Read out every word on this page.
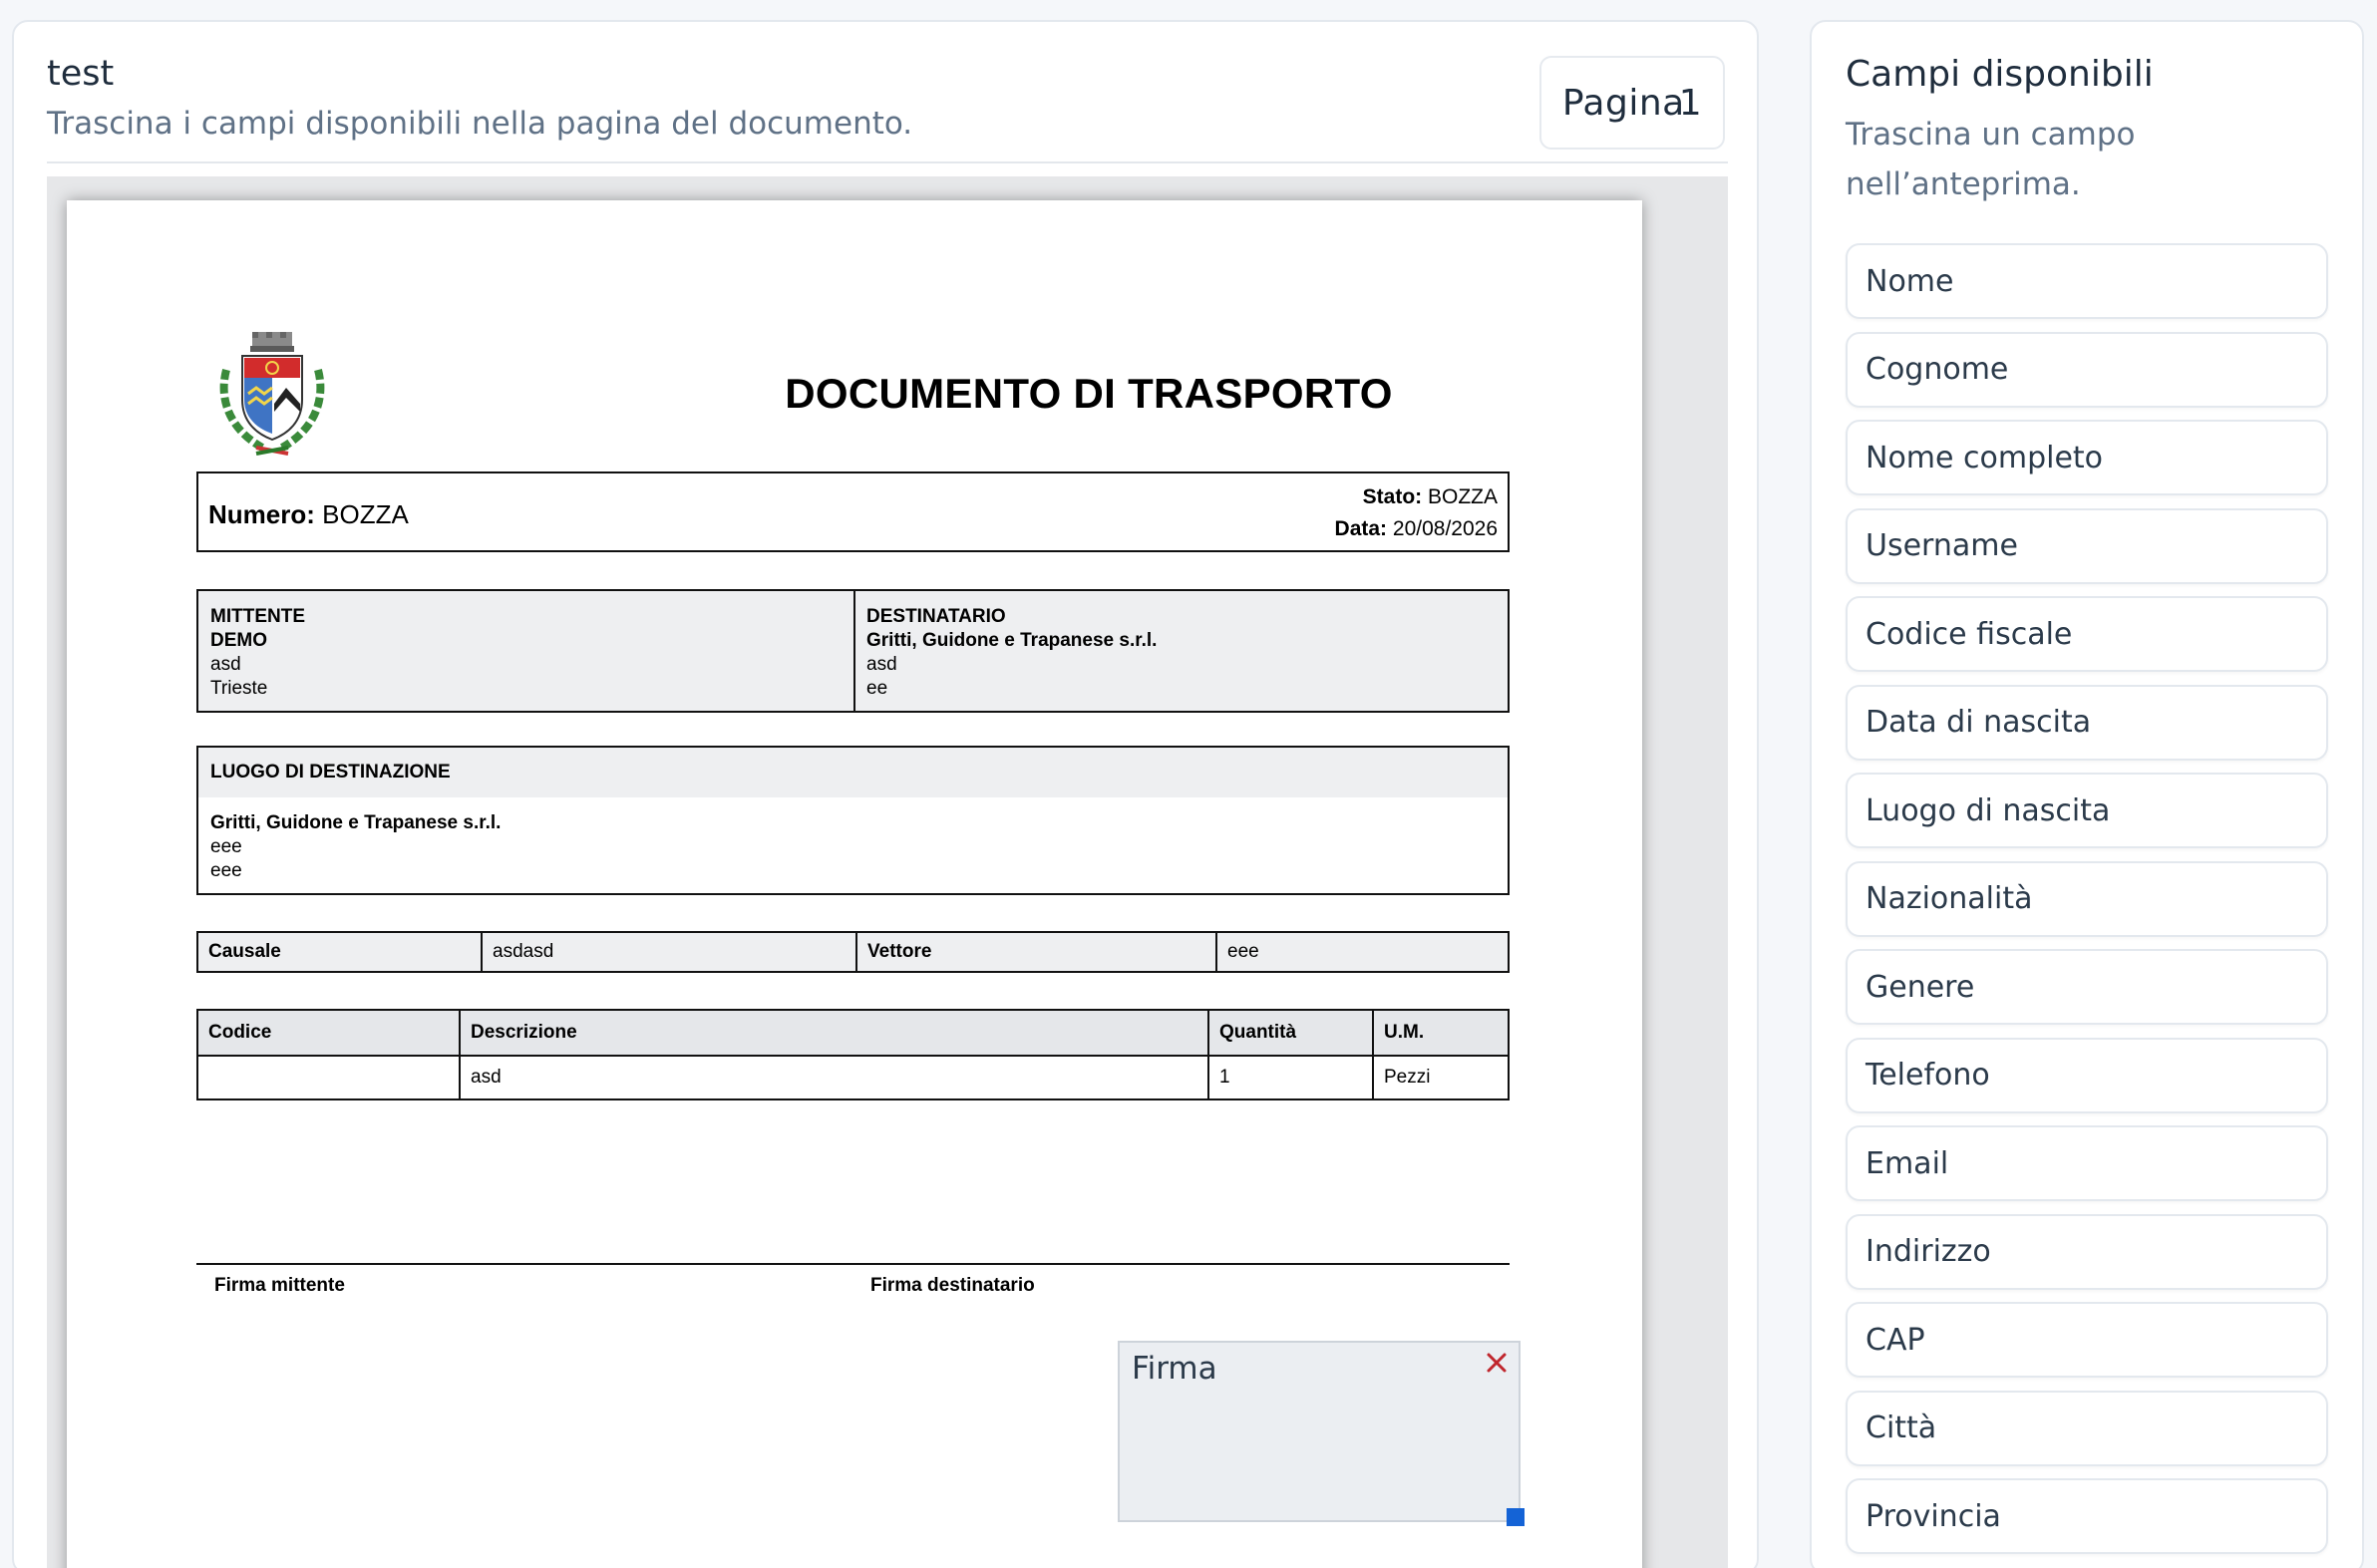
test
Trascina i campi disponibili nella pagina del documento.
Pagina
1
DOCUMENTO DI TRASPORTO
Numero: BOZZA
Stato: BOZZA
Data: 20/08/2026
MITTENTE
DEMO
asd
Trieste
DESTINATARIO
Gritti, Guidone e Trapanese s.r.l.
asd
ee
LUOGO DI DESTINAZIONE
Gritti, Guidone e Trapanese s.r.l.
eee
eee
Causale	asdasd	Vettore	eee
Codice	Descrizione	Quantità	U.M.
	asd	1	Pezzi
Firma mittente	Firma destinatario
Firma
Campi disponibili
Trascina un campo nell’anteprima.
Nome
Cognome
Nome completo
Username
Codice fiscale
Data di nascita
Luogo di nascita
Nazionalità
Genere
Telefono
Email
Indirizzo
CAP
Città
Provincia
